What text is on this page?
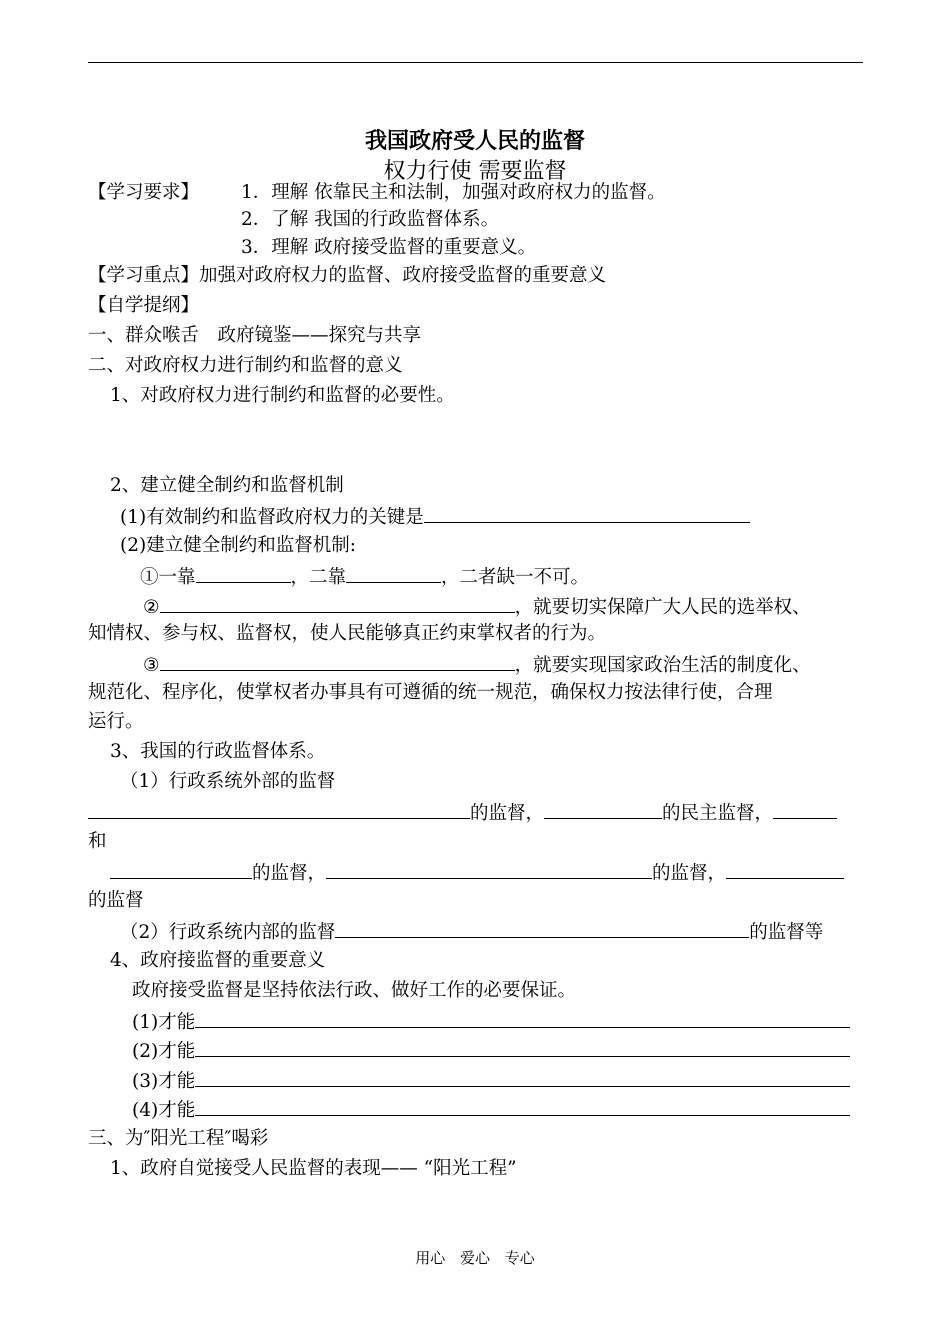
我国政府受人民的监督
权力行使 需要监督
【学习要求】 1．理解 依靠民主和法制，加强对政府权力的监督。
2．了解 我国的行政监督体系。
3．理解 政府接受监督的重要意义。
【学习重点】加强对政府权力的监督、政府接受监督的重要意义
【自学提纲】
一、群众喉舌　政府镜鉴——探究与共享
二、对政府权力进行制约和监督的意义
1、对政府权力进行制约和监督的必要性。
2、建立健全制约和监督机制
(1)有效制约和监督政府权力的关键是
(2)建立健全制约和监督机制:
①一靠	，二靠	，二者缺一不可。
②	，就要切实保障广大人民的选举权、
知情权、参与权、监督权，使人民能够真正约束掌权者的行为。
③	，就要实现国家政治生活的制度化、
规范化、程序化，使掌权者办事具有可遵循的统一规范，确保权力按法律行使，合理
运行。
3、我国的行政监督体系。
（1）行政系统外部的监督
的监督，	的民主监督，
和
的监督，	的监督，
的监督
（2）行政系统内部的监督	的监督等
4、政府接监督的重要意义
政府接受监督是坚持依法行政、做好工作的必要保证。
(1)才能
(2)才能
(3)才能
(4)才能
三、为″阳光工程″喝彩
1、政府自觉接受人民监督的表现—— “阳光工程”
用心 爱心 专心
